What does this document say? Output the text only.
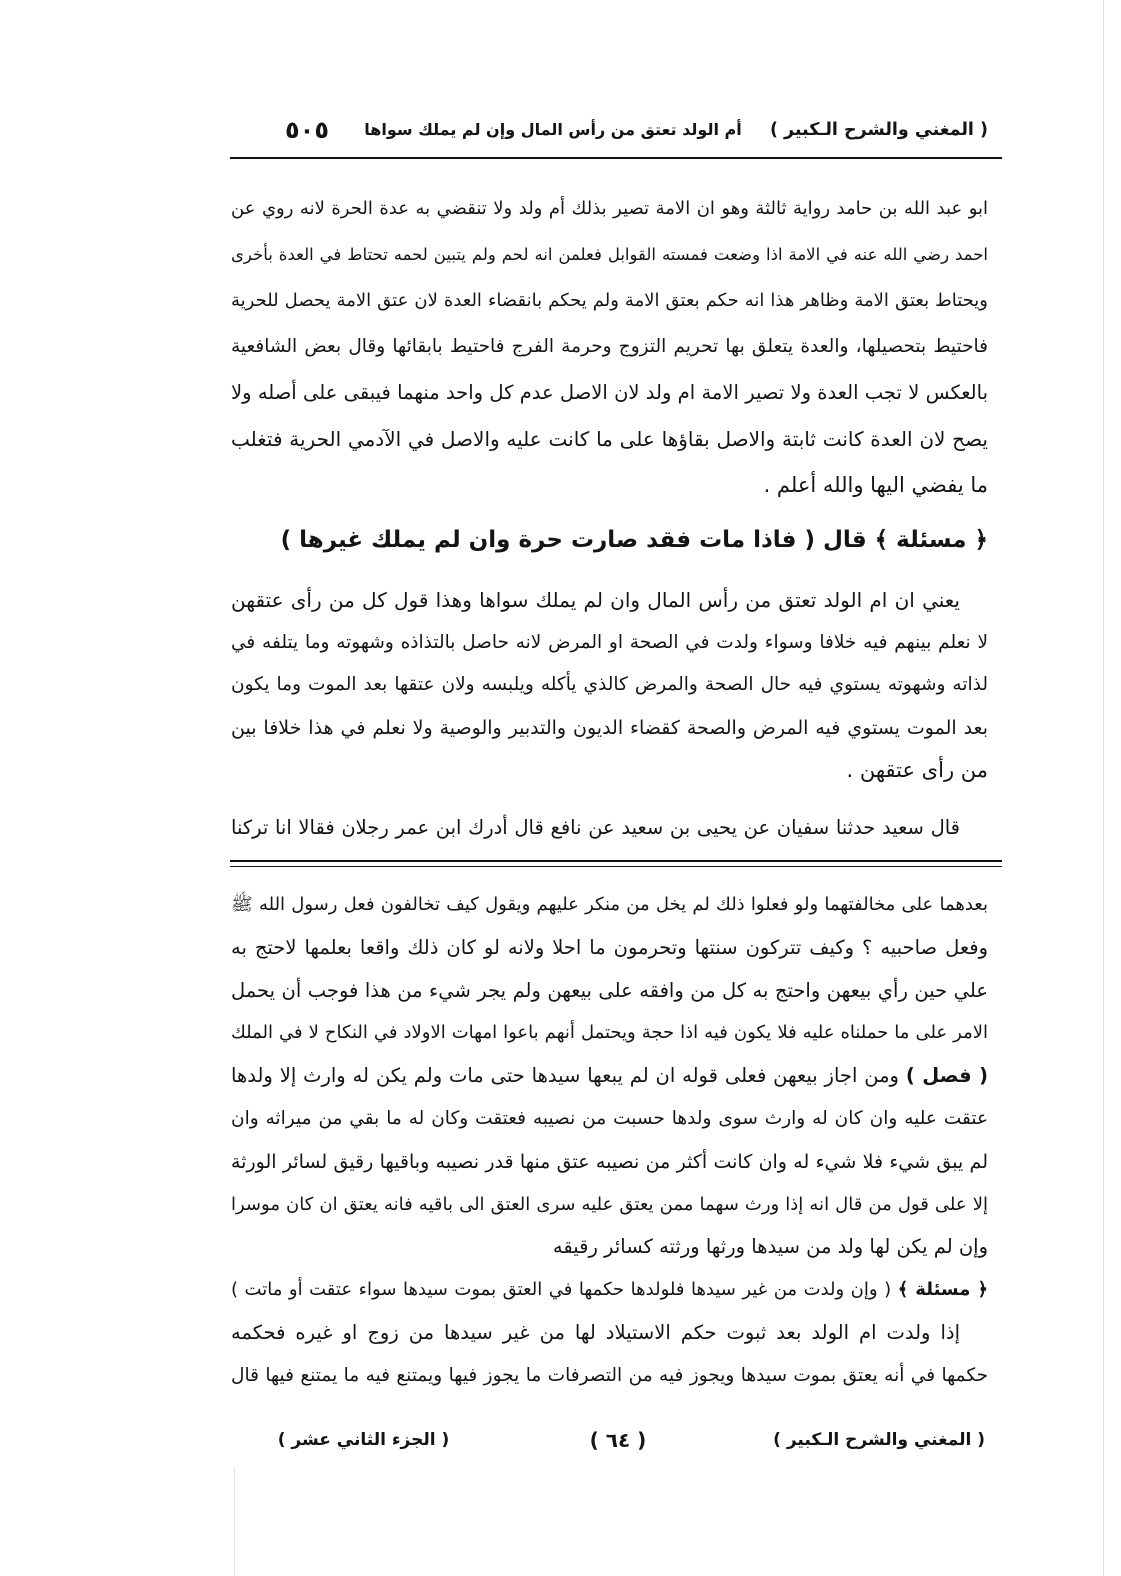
( المغني والشرح الـكبير )
أم الولد تعتق من رأس المال وإن لم يملك سواها
٥٠٥
ابو عبد الله بن حامد رواية ثالثة وهو ان الامة تصير بذلك أم ولد ولا تنقضي به عدة الحرة لانه روي عن
احمد رضي الله عنه في الامة اذا وضعت فمسته القوابل فعلمن انه لحم ولم يتبين لحمه تحتاط في العدة بأخرى
ويحتاط بعتق الامة وظاهر هذا انه حكم بعتق الامة ولم يحكم بانقضاء العدة لان عتق الامة يحصل للحرية
فاحتيط بتحصيلها، والعدة يتعلق بها تحريم التزوج وحرمة الفرج فاحتيط بابقائها وقال بعض الشافعية
بالعكس لا تجب العدة ولا تصير الامة ام ولد لان الاصل عدم كل واحد منهما فيبقى على أصله ولا
يصح لان العدة كانت ثابتة والاصل بقاؤها على ما كانت عليه والاصل في الآدمي الحرية فتغلب
ما يفضي اليها والله أعلم .
﴿ مسئلة ﴾ قال ( فاذا مات فقد صارت حرة وان لم يملك غيرها )
يعني ان ام الولد تعتق من رأس المال وان لم يملك سواها وهذا قول كل من رأى عتقهن
لا نعلم بينهم فيه خلافا وسواء ولدت في الصحة او المرض لانه حاصل بالتذاذه وشهوته وما يتلفه في
لذاته وشهوته يستوي فيه حال الصحة والمرض كالذي يأكله ويلبسه ولان عتقها بعد الموت وما يكون
بعد الموت يستوي فيه المرض والصحة كقضاء الديون والتدبير والوصية ولا نعلم في هذا خلافا بين
من رأى عتقهن .
قال سعيد حدثنا سفيان عن يحيى بن سعيد عن نافع قال أدرك ابن عمر رجلان فقالا انا تركنا
بعدهما على مخالفتهما ولو فعلوا ذلك لم يخل من منكر عليهم ويقول كيف تخالفون فعل رسول الله ﷺ
وفعل صاحبيه ؟ وكيف تتركون سنتها وتحرمون ما احلا ولانه لو كان ذلك واقعا بعلمها لاحتج به
علي حين رأي بيعهن واحتج به كل من وافقه على بيعهن ولم يجر شيء من هذا فوجب أن يحمل
الامر على ما حملناه عليه فلا يكون فيه اذا حجة ويحتمل أنهم باعوا امهات الاولاد في النكاح لا في الملك
( فصل ) ومن اجاز بيعهن فعلى قوله ان لم يبعها سيدها حتى مات ولم يكن له وارث إلا ولدها
عتقت عليه وان كان له وارث سوى ولدها حسبت من نصيبه فعتقت وكان له ما بقي من ميراثه وان
لم يبق شيء فلا شيء له وان كانت أكثر من نصيبه عتق منها قدر نصيبه وباقيها رقيق لسائر الورثة
إلا على قول من قال انه إذا ورث سهما ممن يعتق عليه سرى العتق الى باقيه فانه يعتق ان كان موسرا
وإن لم يكن لها ولد من سيدها ورثها ورثته كسائر رقيقه
﴿ مسئلة ﴾ ( وإن ولدت من غير سيدها فلولدها حكمها في العتق بموت سيدها سواء عتقت أو ماتت )
إذا ولدت ام الولد بعد ثبوت حكم الاستيلاد لها من غير سيدها من زوج او غيره فحكمه
حكمها في أنه يعتق بموت سيدها ويجوز فيه من التصرفات ما يجوز فيها ويمتنع فيه ما يمتنع فيها قال
( المغني والشرح الـكبير )
( ٦٤ )
( الجزء الثاني عشر )
